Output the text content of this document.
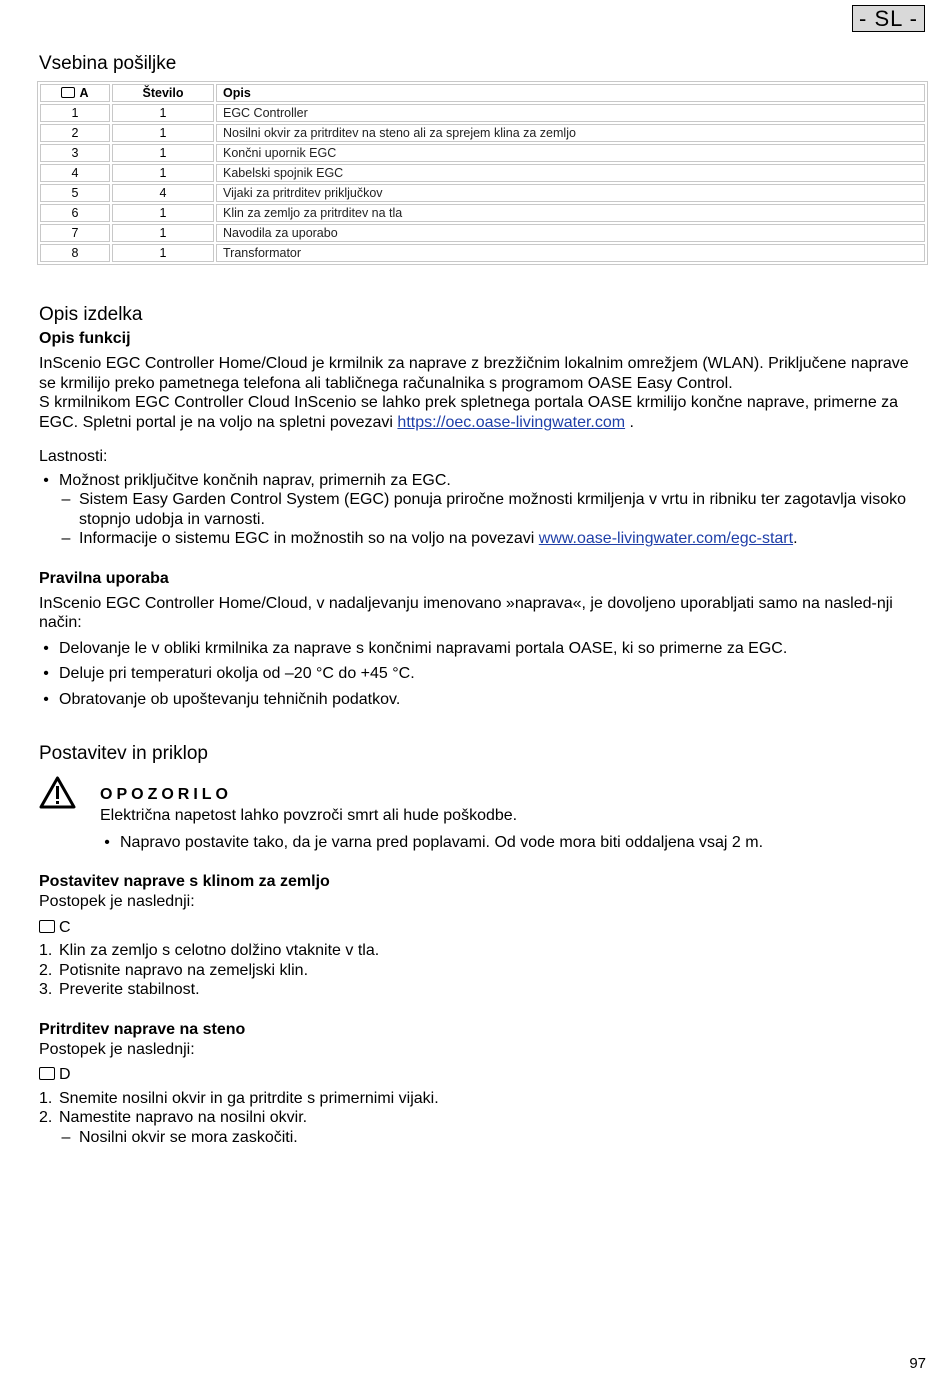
- SL -
Vsebina pošiljke
A	Število	Opis
1	1	EGC Controller
2	1	Nosilni okvir za pritrditev na steno ali za sprejem klina za zemljo
3	1	Končni upornik EGC
4	1	Kabelski spojnik EGC
5	4	Vijaki za pritrditev priključkov
6	1	Klin za zemljo za pritrditev na tla
7	1	Navodila za uporabo
8	1	Transformator
Opis izdelka
Opis funkcij

InScenio EGC Controller Home/Cloud je krmilnik za naprave z brezžičnim lokalnim omrežjem (WLAN). Priključene naprave se krmilijo preko pametnega telefona ali tabličnega računalnika s programom OASE Easy Control.

S krmilnikom EGC Controller Cloud InScenio se lahko prek spletnega portala OASE krmilijo končne naprave, primerne za EGC. Spletni portal je na voljo na spletni povezavi https://oec.oase-livingwater.com .

Lastnosti:

• Možnost priključitve končnih naprav, primernih za EGC.
– Sistem Easy Garden Control System (EGC) ponuja priročne možnosti krmiljenja v vrtu in ribniku ter zagotavlja visoko stopnjo udobja in varnosti.
– Informacije o sistemu EGC in možnostih so na voljo na povezavi www.oase-livingwater.com/egc-start.
Pravilna uporaba

InScenio EGC Controller Home/Cloud, v nadaljevanju imenovano »naprava«, je dovoljeno uporabljati samo na nasled-nji način:

• Delovanje le v obliki krmilnika za naprave s končnimi napravami portala OASE, ki so primerne za EGC.
• Deluje pri temperaturi okolja od –20 °C do +45 °C.
• Obratovanje ob upoštevanju tehničnih podatkov.
Postavitev in priklop
OPOZORILO

Električna napetost lahko povzroči smrt ali hude poškodbe.

• Napravo postavite tako, da je varna pred poplavami. Od vode mora biti oddaljena vsaj 2 m.
Postavitev naprave s klinom za zemljo

Postopek je naslednji:

C

1. Klin za zemljo s celotno dolžino vtaknite v tla.
2. Potisnite napravo na zemeljski klin.
3. Preverite stabilnost.
Pritrditev naprave na steno

Postopek je naslednji:

D

1. Snemite nosilni okvir in ga pritrdite s primernimi vijaki.
2. Namestite napravo na nosilni okvir.
– Nosilni okvir se mora zaskočiti.
97
